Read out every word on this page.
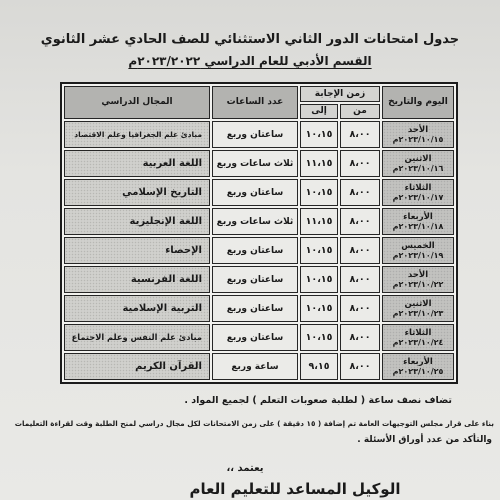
جدول امتحانات الدور الثاني الاستثنائي للصف الحادي عشر الثانوي
القسم الأدبي للعام الدراسي ٢٠٢٣/٢٠٢٢م
اليوم والتاريخ	زمن الإجابة		عدد الساعات	المجال الدراسي
	من	إلى		

الأحد
٢٠٢٣/١٠/١٥م	٨،٠٠	١٠،١٥	ساعتان وربع	مبادئ علم الجغرافيا وعلم الاقتصاد

الاثنين
٢٠٢٣/١٠/١٦م	٨،٠٠	١١،١٥	ثلاث ساعات وربع	اللغة العربية

الثلاثاء
٢٠٢٣/١٠/١٧م	٨،٠٠	١٠،١٥	ساعتان وربع	التاريخ الإسلامي

الأربعاء
٢٠٢٣/١٠/١٨م	٨،٠٠	١١،١٥	ثلاث ساعات وربع	اللغة الإنجليزية

الخميس
٢٠٢٣/١٠/١٩م	٨،٠٠	١٠،١٥	ساعتان وربع	الإحصاء

الأحد
٢٠٢٣/١٠/٢٢م	٨،٠٠	١٠،١٥	ساعتان وربع	اللغة الفرنسية

الاثنين
٢٠٢٣/١٠/٢٣م	٨،٠٠	١٠،١٥	ساعتان وربع	التربية الإسلامية

الثلاثاء
٢٠٢٣/١٠/٢٤م	٨،٠٠	١٠،١٥	ساعتان وربع	مبادئ علم النفس وعلم الاجتماع

الأربعاء
٢٠٢٣/١٠/٢٥م	٨،٠٠	٩،١٥	ساعة وربع	القرآن الكريم
تضاف نصف ساعة ( لطلبة صعوبات التعلم ) لجميع المواد .
بناء على قرار مجلس التوجيهات العامة تم إضافة ( ١٥ دقيقة ) على زمن الامتحانات لكل مجال دراسي لمنح الطلبة وقت لقراءة التعليمات
والتأكد من عدد أوراق الأسئلة .
يعتمد ،،
الوكيل المساعد للتعليم العام
